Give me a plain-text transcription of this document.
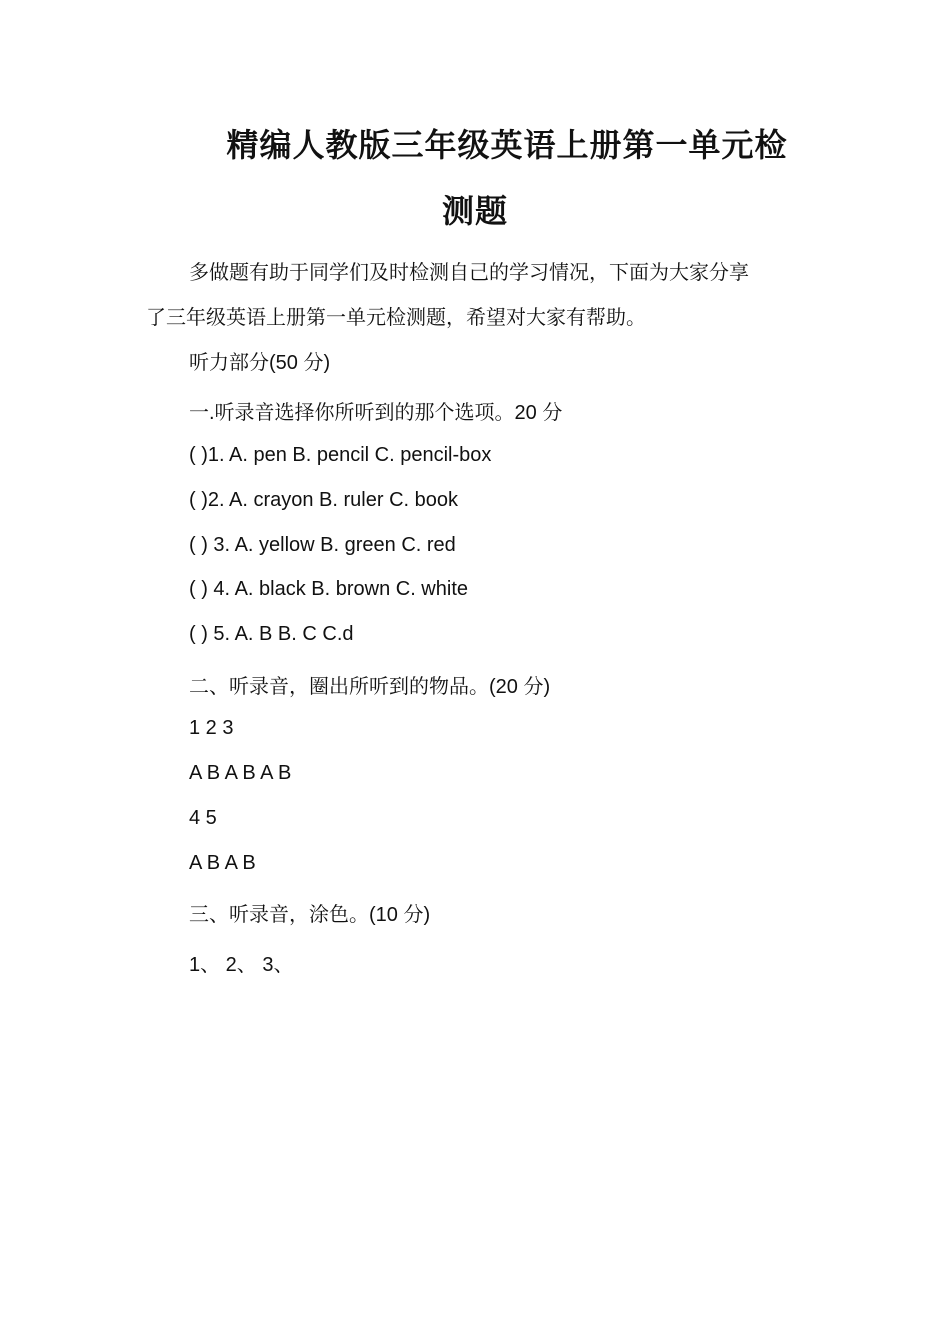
精编人教版三年级英语上册第一单元检
测题
多做题有助于同学们及时检测自己的学习情况，下面为大家分享
了三年级英语上册第一单元检测题，希望对大家有帮助。
听力部分(50 分)
一.听录音选择你所听到的那个选项。20 分
( )1. A. pen B. pencil C. pencil-box
( )2. A. crayon B. ruler C. book
( ) 3. A. yellow B. green C. red
( ) 4. A. black B. brown C. white
( ) 5. A. B B. C C.d
二、听录音，圈出所听到的物品。(20 分)
1 2 3
A B A B A B
4 5
A B A B
三、听录音，涂色。(10 分)
1、 2、 3、
